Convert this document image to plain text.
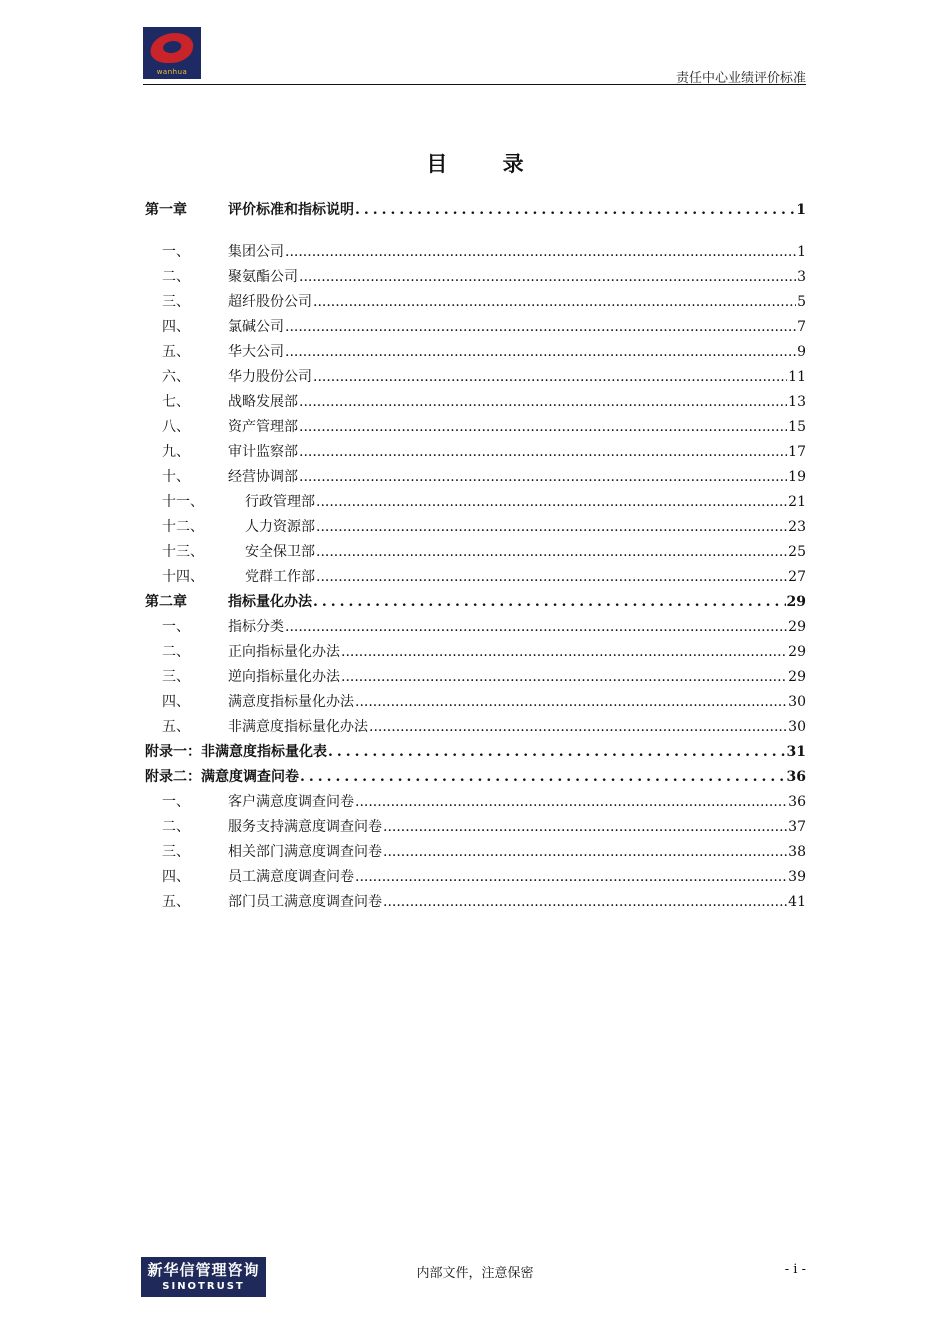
wanhua	责任中心业绩评价标准
目 录
第一章	评价标准和指标说明 .....	1
一、	集团公司 .....	1
二、	聚氨酯公司 .....	3
三、	超纤股份公司 .....	5
四、	氯碱公司 .....	7
五、	华大公司 .....	9
六、	华力股份公司 .....	11
七、	战略发展部 .....	13
八、	资产管理部 .....	15
九、	审计监察部 .....	17
十、	经营协调部 .....	19
十一、	行政管理部 .....	21
十二、	人力资源部 .....	23
十三、	安全保卫部 .....	25
十四、	党群工作部 .....	27
第二章	指标量化办法 .....	29
一、	指标分类 .....	29
二、	正向指标量化办法 .....	29
三、	逆向指标量化办法 .....	29
四、	满意度指标量化办法 .....	30
五、	非满意度指标量化办法 .....	30
附录一： 非满意度指标量化表 .....	31
附录二： 满意度调查问卷 .....	36
一、	客户满意度调查问卷 .....	36
二、	服务支持满意度调查问卷 .....	37
三、	相关部门满意度调查问卷 .....	38
四、	员工满意度调查问卷 .....	39
五、	部门员工满意度调查问卷 .....	41
新华信管理咨询
SINOTRUST
内部文件，注意保密	- i -
